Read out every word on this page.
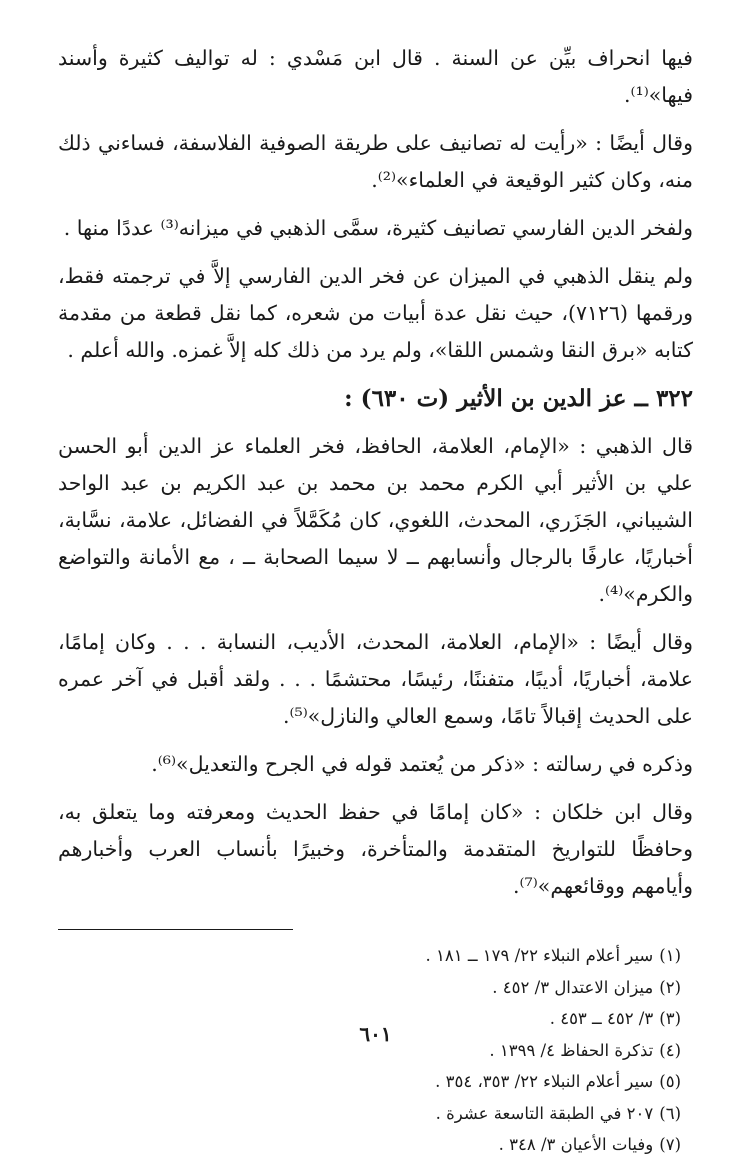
فيها انحراف بيِّن عن السنة . قال ابن مَسْدي : له تواليف كثيرة وأسند فيها»⁽¹⁾.

وقال أيضًا : «رأيت له تصانيف على طريقة الصوفية الفلاسفة، فساءني ذلك منه، وكان كثير الوقيعة في العلماء»⁽²⁾.

ولفخر الدين الفارسي تصانيف كثيرة، سمَّى الذهبي في ميزانه⁽³⁾ عددًا منها .

ولم ينقل الذهبي في الميزان عن فخر الدين الفارسي إلاَّ في ترجمته فقط، ورقمها (٧١٢٦)، حيث نقل عدة أبيات من شعره، كما نقل قطعة من مقدمة كتابه «برق النقا وشمس اللقا»، ولم يرد من ذلك كله إلاَّ غمزه. والله أعلم .

٣٢٢ ــ عز الدين بن الأثير (ت ٦٣٠) :

قال الذهبي : «الإمام، العلامة، الحافظ، فخر العلماء عز الدين أبو الحسن علي بن الأثير أبي الكرم محمد بن محمد بن عبد الكريم بن عبد الواحد الشيباني، الجَزَري، المحدث، اللغوي، كان مُكَمَّلاً في الفضائل، علامة، نسَّابة، أخباريًا، عارفًا بالرجال وأنسابهم ــ لا سيما الصحابة ــ ، مع الأمانة والتواضع والكرم»⁽⁴⁾.

وقال أيضًا : «الإمام، العلامة، المحدث، الأديب، النسابة . . . وكان إمامًا، علامة، أخباريًا، أديبًا، متفننًا، رئيسًا، محتشمًا . . . ولقد أقبل في آخر عمره على الحديث إقبالاً تامًا، وسمع العالي والنازل»⁽⁵⁾.

وذكره في رسالته : «ذكر من يُعتمد قوله في الجرح والتعديل»⁽⁶⁾.

وقال ابن خلكان : «كان إمامًا في حفظ الحديث ومعرفته وما يتعلق به، وحافظًا للتواريخ المتقدمة والمتأخرة، وخبيرًا بأنساب العرب وأخبارهم وأيامهم ووقائعهم»⁽⁷⁾.

(١)سير أعلام النبلاء ٢٢/ ١٧٩ ــ ١٨١ .
(٢)ميزان الاعتدال ٣/ ٤٥٢ .
(٣)٣/ ٤٥٢ ــ ٤٥٣ .
(٤)تذكرة الحفاظ ٤/ ١٣٩٩ .
(٥)سير أعلام النبلاء ٢٢/ ٣٥٣، ٣٥٤ .
(٦)٢٠٧ في الطبقة التاسعة عشرة .
(٧)وفيات الأعيان ٣/ ٣٤٨ .
٦٠١
